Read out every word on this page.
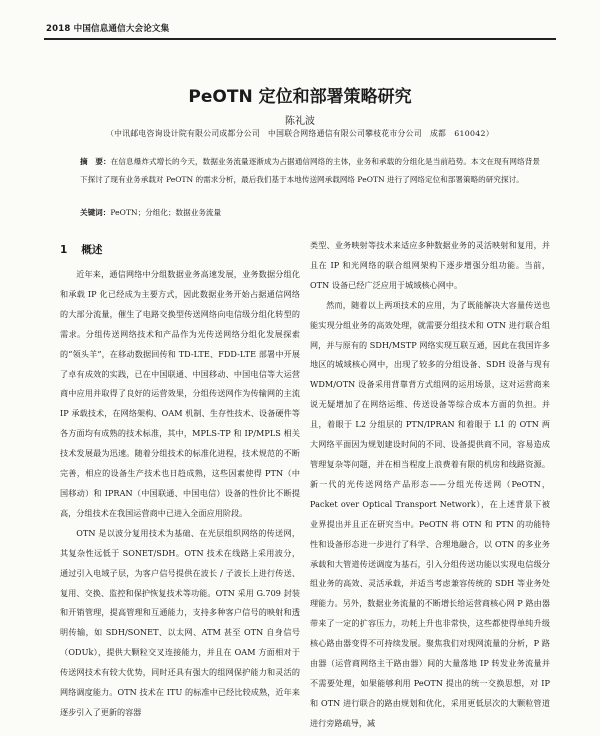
2018 中国信息通信大会论文集
PeOTN 定位和部署策略研究
陈礼波
（中讯邮电咨询设计院有限公司成都分公司　中国联合网络通信有限公司攀枝花市分公司　成都　610042）
摘　要：在信息爆炸式增长的今天，数据业务流量逐渐成为占据通信网络的主体，业务和承载的分组化是当前趋势。本文在现有网络背景下探讨了现有业务承载对 PeOTN 的需求分析，最后我们基于本地传送网承载网络 PeOTN 进行了网络定位和部署策略的研究探讨。
关键词：PeOTN；分组化；数据业务流量
1 概述

近年来，通信网络中分组数据业务高速发展，业务数据分组化和承载 IP 化已经成为主要方式，因此数据业务开始占据通信网络的大部分流量，催生了电路交换型传送网络向电信级分组化转型的需求。分组传送网络技术和产品作为光传送网络分组化发展探索的“领头羊”，在移动数据回传和 TD-LTE、FDD-LTE 部署中开展了卓有成效的实践，已在中国联通、中国移动、中国电信等大运营商中应用并取得了良好的运营效果，分组传送网作为传输网的主流 IP 承载技术，在网络架构、OAM 机制、生存性技术、设备硬件等各方面均有成熟的技术标准，其中，MPLS-TP 和 IP/MPLS 相关技术发展最为迅速。随着分组技术的标准化进程，技术规范的不断完善，相应的设备生产技术也日趋成熟，这些因素使得 PTN（中国移动）和 IPRAN（中国联通、中国电信）设备的性价比不断提高，分组技术在我国运营商中已进入全面应用阶段。

OTN 是以波分复用技术为基础、在光层组织网络的传送网，其复杂性远低于 SONET/SDH。OTN 技术在线路上采用波分，通过引入电域子层，为客户信号提供在波长 / 子波长上进行传送、复用、交换、监控和保护恢复技术等功能。OTN 采用 G.709 封装和开销管理，提高管理和互通能力，支持多种客户信号的映射和透明传输，如 SDH/SONET、以太网、ATM 甚至 OTN 自身信号（ODUk），提供大颗粒交叉连接能力，并且在 OAM 方面相对于传送网技术有较大优势，同时还具有强大的组网保护能力和灵活的网络调度能力。OTN 技术在 ITU 的标准中已经比较成熟，近年来逐步引入了更新的容器

类型、业务映射等技术来适应多种数据业务的灵活映射和复用，并且在 IP 和光网络的联合组网架构下逐步增强分组功能。当前，OTN 设备已经广泛应用于城域核心网中。

然而，随着以上两项技术的应用，为了既能解决大容量传送也能实现分组业务的高效处理，就需要分组技术和 OTN 进行联合组网，并与原有的 SDH/MSTP 网络实现互联互通，因此在我国许多地区的城域核心网中，出现了较多的分组设备、SDH 设备与现有 WDM/OTN 设备采用背靠背方式组网的运用场景，这对运营商来说无疑增加了在网络运维、传送设备等综合成本方面的负担。并且，着眼于 L2 分组层的 PTN/IPRAN 和着眼于 L1 的 OTN 两大网络平面因为规划建设时间的不同、设备提供商不同，容易造成管理复杂等问题，并在相当程度上浪费着有限的机房和线路资源。新一代的光传送网络产品形态——分组光传送网（PeOTN，Packet over Optical Transport Network），在上述背景下被业界提出并且正在研究当中。PeOTN 将 OTN 和 PTN 的功能特性和设备形态进一步进行了科学、合理地融合，以 OTN 的多业务承载和大管道传送调度为基石，引入分组传送功能以实现电信级分组业务的高效、灵活承载，并适当考虑兼容传统的 SDH 等业务处理能力。另外，数据业务流量的不断增长给运营商核心网 P 路由器带来了一定的扩容压力，功耗上升也非常快，这些都使得单纯升级核心路由器变得不可持续发展。聚焦我们对现网流量的分析，P 路由器（运营商网络主干路由器）间的大量落地 IP 转发业务流量并不需要处理，如果能够利用 PeOTN 提出的统一交换思想，对 IP 和 OTN 进行联合的路由规划和优化，采用更低层次的大颗粒管道进行旁路疏导，减
